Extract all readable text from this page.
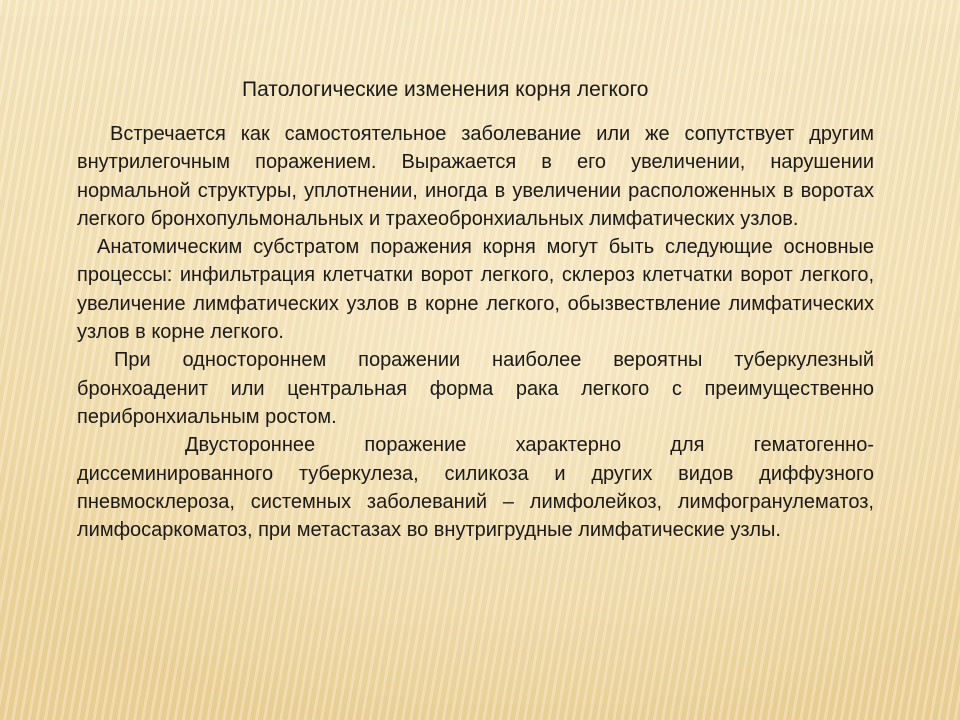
Патологические изменения корня легкого

Встречается как самостоятельное заболевание или же сопутствует другим внутрилегочным поражением. Выражается в его увеличении, нарушении нормальной структуры, уплотнении, иногда в увеличении расположенных в воротах легкого бронхопульмональных и трахеобронхиальных лимфатических узлов.

Анатомическим субстратом поражения корня могут быть следующие основные процессы: инфильтрация клетчатки ворот легкого, склероз клетчатки ворот легкого, увеличение лимфатических узлов в корне легкого, обызвествление лимфатических узлов в корне легкого.

При одностороннем поражении наиболее вероятны туберкулезный бронхоаденит или центральная форма рака легкого с преимущественно перибронхиальным ростом.

Двустороннее поражение характерно для гематогенно-диссеминированного туберкулеза, силикоза и других видов диффузного пневмосклероза, системных заболеваний – лимфолейкоз, лимфогранулематоз, лимфосаркоматоз, при метастазах во внутригрудные лимфатические узлы.
